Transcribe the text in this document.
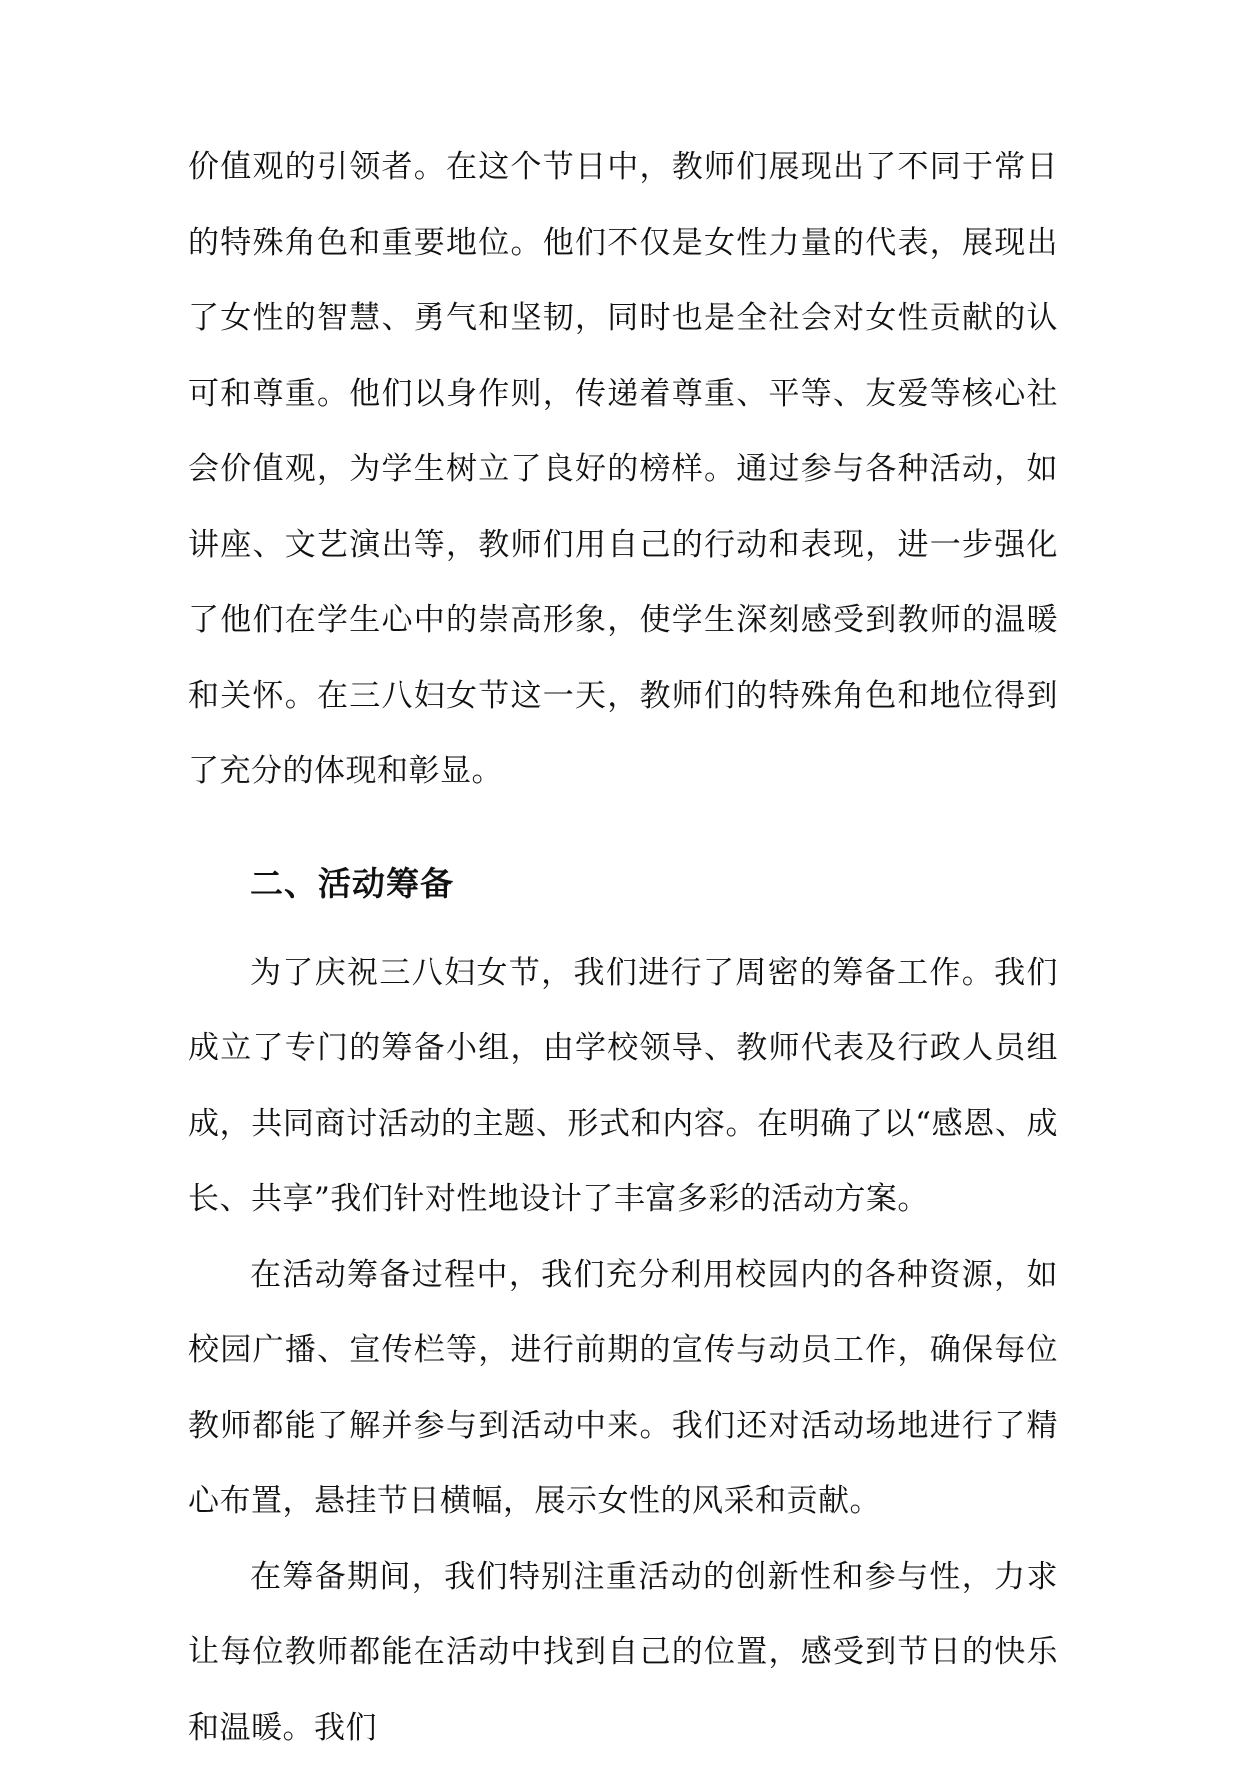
价值观的引领者。在这个节日中，教师们展现出了不同于常日的特殊角色和重要地位。他们不仅是女性力量的代表，展现出了女性的智慧、勇气和坚韧，同时也是全社会对女性贡献的认可和尊重。他们以身作则，传递着尊重、平等、友爱等核心社会价值观，为学生树立了良好的榜样。通过参与各种活动，如讲座、文艺演出等，教师们用自己的行动和表现，进一步强化了他们在学生心中的崇高形象，使学生深刻感受到教师的温暖和关怀。在三八妇女节这一天，教师们的特殊角色和地位得到了充分的体现和彰显。

二、活动筹备

为了庆祝三八妇女节，我们进行了周密的筹备工作。我们成立了专门的筹备小组，由学校领导、教师代表及行政人员组成，共同商讨活动的主题、形式和内容。在明确了以“感恩、成长、共享”我们针对性地设计了丰富多彩的活动方案。

在活动筹备过程中，我们充分利用校园内的各种资源，如校园广播、宣传栏等，进行前期的宣传与动员工作，确保每位教师都能了解并参与到活动中来。我们还对活动场地进行了精心布置，悬挂节日横幅，展示女性的风采和贡献。

在筹备期间，我们特别注重活动的创新性和参与性，力求让每位教师都能在活动中找到自己的位置，感受到节日的快乐和温暖。我们
